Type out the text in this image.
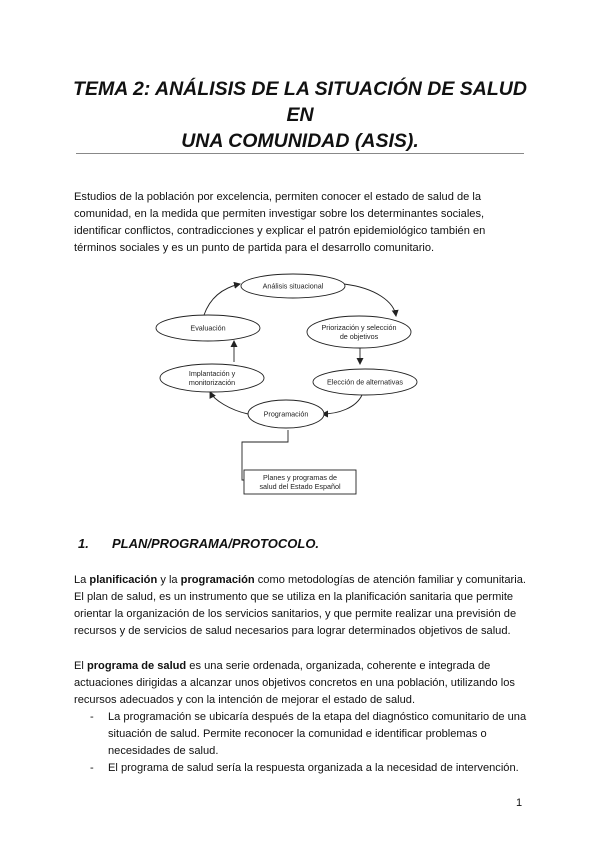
TEMA 2: ANÁLISIS DE LA SITUACIÓN DE SALUD EN
UNA COMUNIDAD (ASIS).

Estudios de la población por excelencia, permiten conocer el estado de salud de la comunidad, en la medida que permiten investigar sobre los determinantes sociales, identificar conflictos, contradicciones y explicar el patrón epidemiológico también en términos sociales y es un punto de partida para el desarrollo comunitario.

Análisis situacional
Priorización y selección
de objetivos
Elección de alternativas
Programación
Implantación y
monitorización
Evaluación
Planes y programas de
salud del Estado Español
1. PLAN/PROGRAMA/PROTOCOLO.

La planificación y la programación como metodologías de atención familiar y comunitaria. El plan de salud, es un instrumento que se utiliza en la planificación sanitaria que permite orientar la organización de los servicios sanitarios, y que permite realizar una previsión de recursos y de servicios de salud necesarios para lograr determinados objetivos de salud.

El programa de salud es una serie ordenada, organizada, coherente e integrada de actuaciones dirigidas a alcanzar unos objetivos concretos en una población, utilizando los recursos adecuados y con la intención de mejorar el estado de salud.

- La programación se ubicaría después de la etapa del diagnóstico comunitario de una situación de salud. Permite reconocer la comunidad e identificar problemas o necesidades de salud.
- El programa de salud sería la respuesta organizada a la necesidad de intervención.
1
